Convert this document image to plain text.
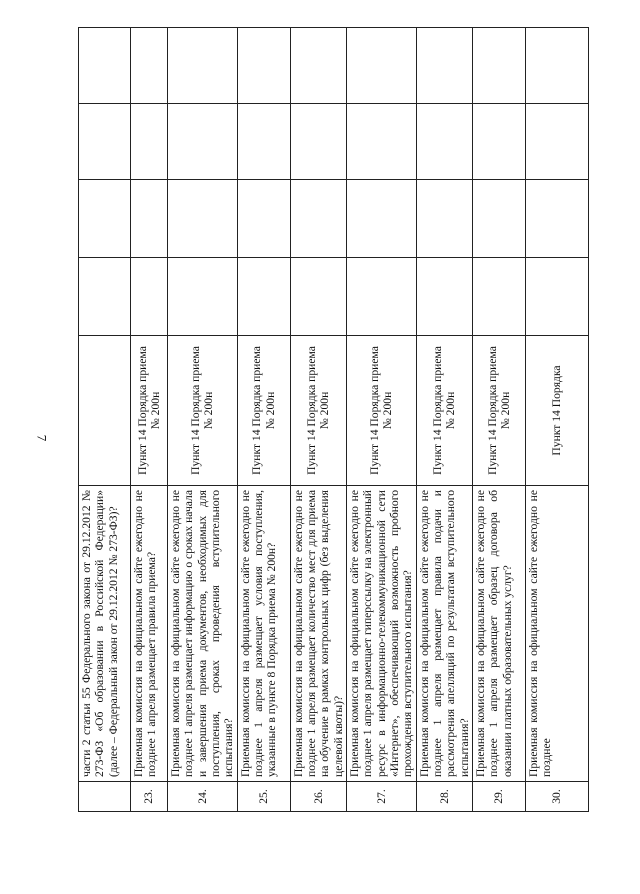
7
	части 2 статьи 55 Федерального закона от 29.12.2012 № 273-ФЗ «Об образовании в Российской Федерации» (далее – Федеральный закон от 29.12.2012 № 273-ФЗ)?					
23.	Приемная комиссия на официальном сайте ежегодно не позднее 1 апреля размещает правила приема?	Пункт 14 Порядка приема № 200н				
24.	Приемная комиссия на официальном сайте ежегодно не позднее 1 апреля размещает информацию о сроках начала и завершения приема документов, необходимых для поступления, сроках проведения вступительного испытания?	Пункт 14 Порядка приема № 200н				
25.	Приемная комиссия на официальном сайте ежегодно не позднее 1 апреля размещает условия поступления, указанные в пункте 8 Порядка приема № 200н?	Пункт 14 Порядка приема № 200н				
26.	Приемная комиссия на официальном сайте ежегодно не позднее 1 апреля размещает количество мест для приема на обучение в рамках контрольных цифр (без выделения целевой квоты)?	Пункт 14 Порядка приема № 200н				
27.	Приемная комиссия на официальном сайте ежегодно не позднее 1 апреля размещает гиперссылку на электронный ресурс в информационно-телекоммуникационной сети «Интернет», обеспечивающий возможность пробного прохождения вступительного испытания?	Пункт 14 Порядка приема № 200н				
28.	Приемная комиссия на официальном сайте ежегодно не позднее 1 апреля размещает правила подачи и рассмотрения апелляций по результатам вступительного испытания?	Пункт 14 Порядка приема № 200н				
29.	Приемная комиссия на официальном сайте ежегодно не позднее 1 апреля размещает образец договора об оказании платных образовательных услуг?	Пункт 14 Порядка приема № 200н				
30.	Приемная комиссия на официальном сайте ежегодно не позднее	Пункт 14 Порядка				
